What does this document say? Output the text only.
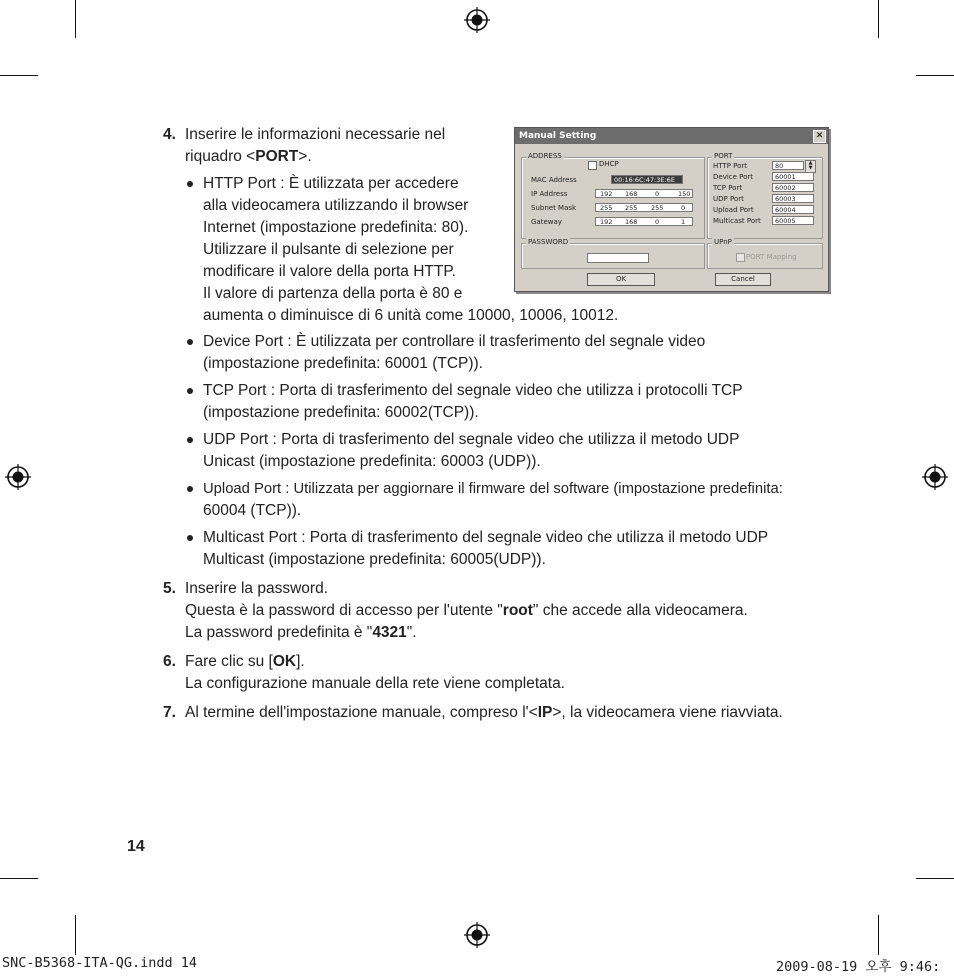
4. Inserire le informazioni necessarie nel
riquadro <PORT>.
HTTP Port : È utilizzata per accedere
alla videocamera utilizzando il browser
Internet (impostazione predefinita: 80).
Utilizzare il pulsante di selezione per
modificare il valore della porta HTTP.
Il valore di partenza della porta è 80 e
aumenta o diminuisce di 6 unità come 10000, 10006, 10012.
Device Port : È utilizzata per controllare il trasferimento del segnale video
(impostazione predefinita: 60001 (TCP)).
TCP Port : Porta di trasferimento del segnale video che utilizza i protocolli TCP
(impostazione predefinita: 60002(TCP)).
UDP Port : Porta di trasferimento del segnale video che utilizza il metodo UDP
Unicast (impostazione predefinita: 60003 (UDP)).
Upload Port : Utilizzata per aggiornare il firmware del software (impostazione predefinita:
60004 (TCP)).
Multicast Port : Porta di trasferimento del segnale video che utilizza il metodo UDP
Multicast (impostazione predefinita: 60005(UDP)).
5. Inserire la password.
Questa è la password di accesso per l'utente "root" che accede alla videocamera.
La password predefinita è "4321".
6. Fare clic su [OK].
La configurazione manuale della rete viene completata.
7. Al termine dell'impostazione manuale, compreso l'<IP>, la videocamera viene riavviata.
14
SNC-B5368-ITA-QG.indd 14	2009-08-19 오후 9:46:
Manual Setting	✕
ADDRESS
DHCP
MAC Address	00:16:6C:47:3E:6E
IP Address	192 168	0	150
Subnet Mask	255 255 255	0
Gateway	192 168	0	1
PORT
HTTP Port	80	▲
▼
Device Port	60001
TCP Port	60002
UDP Port	60003
Upload Port	60004
Multicast Port	60005
PASSWORD	UPnP
PORT Mapping
OK	Cancel
